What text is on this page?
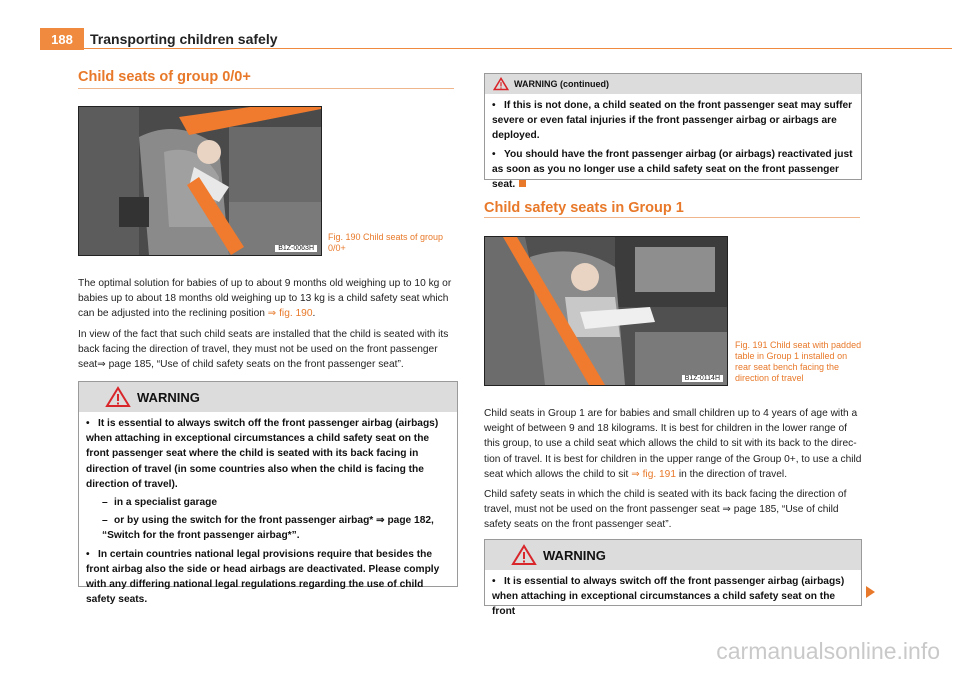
188	Transporting children safely
Child seats of group 0/0+
B1Z-0063H
Fig. 190 Child seats of group 0/0+

The optimal solution for babies of up to about 9 months old weighing up to 10 kg or babies up to about 18 months old weighing up to 13 kg is a child safety seat which can be adjusted into the reclining position ⇒ fig. 190.

In view of the fact that such child seats are installed that the child is seated with its back facing the direction of travel, they must not be used on the front passenger seat⇒ page 185, “Use of child safety seats on the front passenger seat”.

WARNING

• It is essential to always switch off the front passenger airbag (airbags) when attaching in exceptional circumstances a child safety seat on the front passenger seat where the child is seated with its back facing in direction of travel (in some countries also when the child is facing the direction of travel).

– in a specialist garage

– or by using the switch for the front passenger airbag* ⇒ page 182, “Switch for the front passenger airbag*”.

• In certain countries national legal provisions require that besides the front airbag also the side or head airbags are deactivated. Please comply with any differing national legal regulations regarding the use of child safety seats.

WARNING (continued)

• If this is not done, a child seated on the front passenger seat may suffer severe or even fatal injuries if the front passenger airbag or airbags are deployed.

• You should have the front passenger airbag (or airbags) reactivated just as soon as you no longer use a child safety seat on the front passenger seat.

Child safety seats in Group 1
B1Z-0114H
Fig. 191 Child seat with padded table in Group 1 installed on rear seat bench facing the direction of travel

Child seats in Group 1 are for babies and small children up to 4 years of age with a weight of between 9 and 18 kilograms. It is best for children in the lower range of this group, to use a child seat which allows the child to sit with its back to the direc-tion of travel. It is best for children in the upper range of the Group 0+, to use a child seat which allows the child to sit ⇒ fig. 191 in the direction of travel.

Child safety seats in which the child is seated with its back facing the direction of travel, must not be used on the front passenger seat ⇒ page 185, “Use of child safety seats on the front passenger seat”.

WARNING

• It is essential to always switch off the front passenger airbag (airbags) when attaching in exceptional circumstances a child safety seat on the front

carmanualsonline.info
